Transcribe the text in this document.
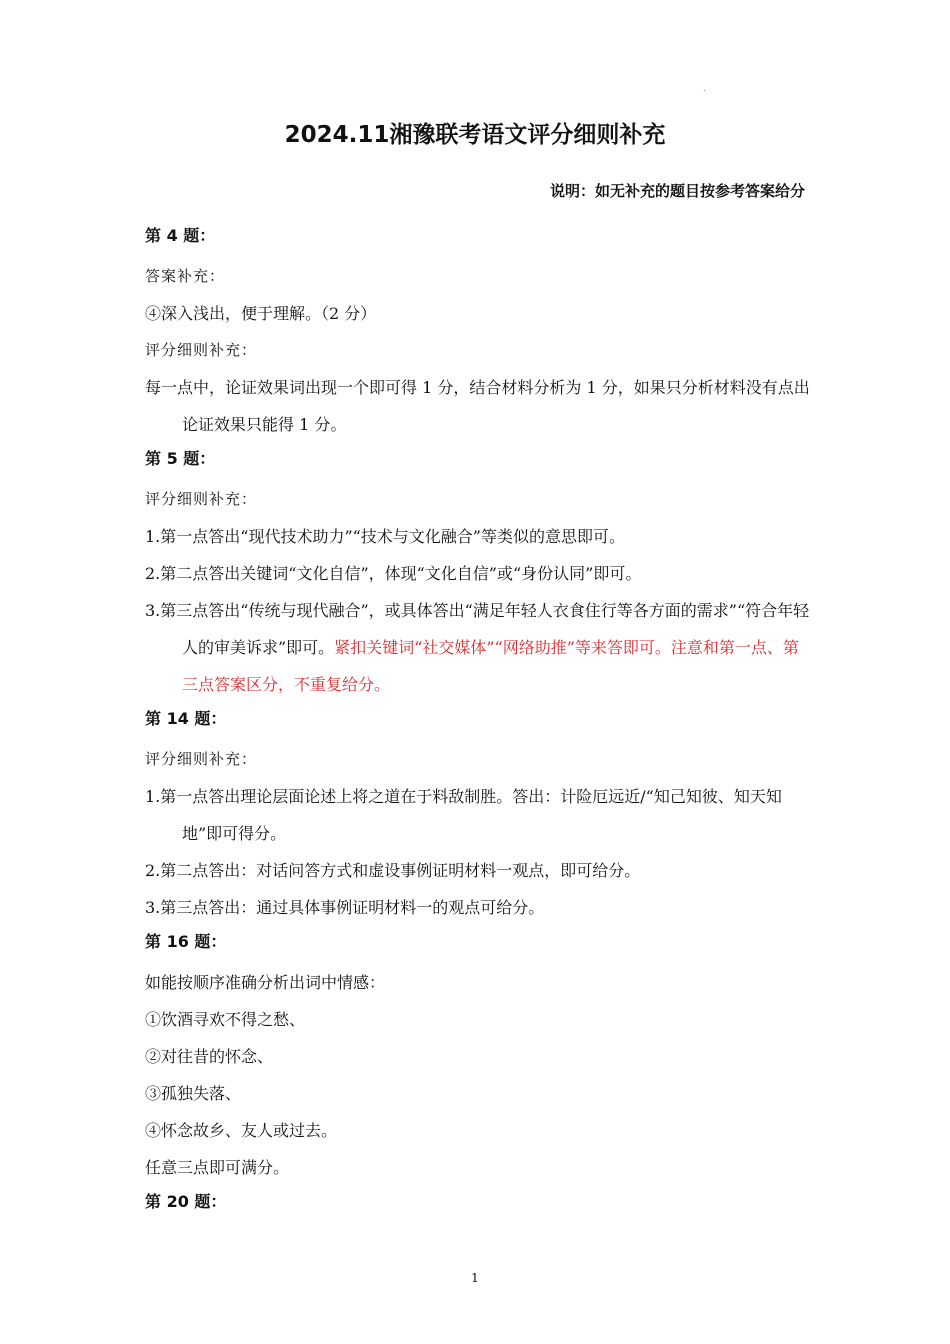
.
2024.11湘豫联考语文评分细则补充
说明：如无补充的题目按参考答案给分

第 4 题：

答案补充：

④深入浅出，便于理解。（2 分）

评分细则补充：

每一点中，论证效果词出现一个即可得 1 分，结合材料分析为 1 分，如果只分析材料没有点出论证效果只能得 1 分。

第 5 题：

评分细则补充：

1.第一点答出“现代技术助力”“技术与文化融合”等类似的意思即可。

2.第二点答出关键词“文化自信”，体现“文化自信”或“身份认同”即可。

3.第三点答出“传统与现代融合”，或具体答出“满足年轻人衣食住行等各方面的需求”“符合年轻人的审美诉求”即可。紧扣关键词“社交媒体”“网络助推”等来答即可。注意和第一点、第三点答案区分，不重复给分。

第 14 题：

评分细则补充：

1.第一点答出理论层面论述上将之道在于料敌制胜。答出：计险厄远近/“知己知彼、知天知地”即可得分。

2.第二点答出：对话问答方式和虚设事例证明材料一观点，即可给分。

3.第三点答出：通过具体事例证明材料一的观点可给分。

第 16 题：

如能按顺序准确分析出词中情感：

①饮酒寻欢不得之愁、

②对往昔的怀念、

③孤独失落、

④怀念故乡、友人或过去。

任意三点即可满分。

第 20 题：

1
